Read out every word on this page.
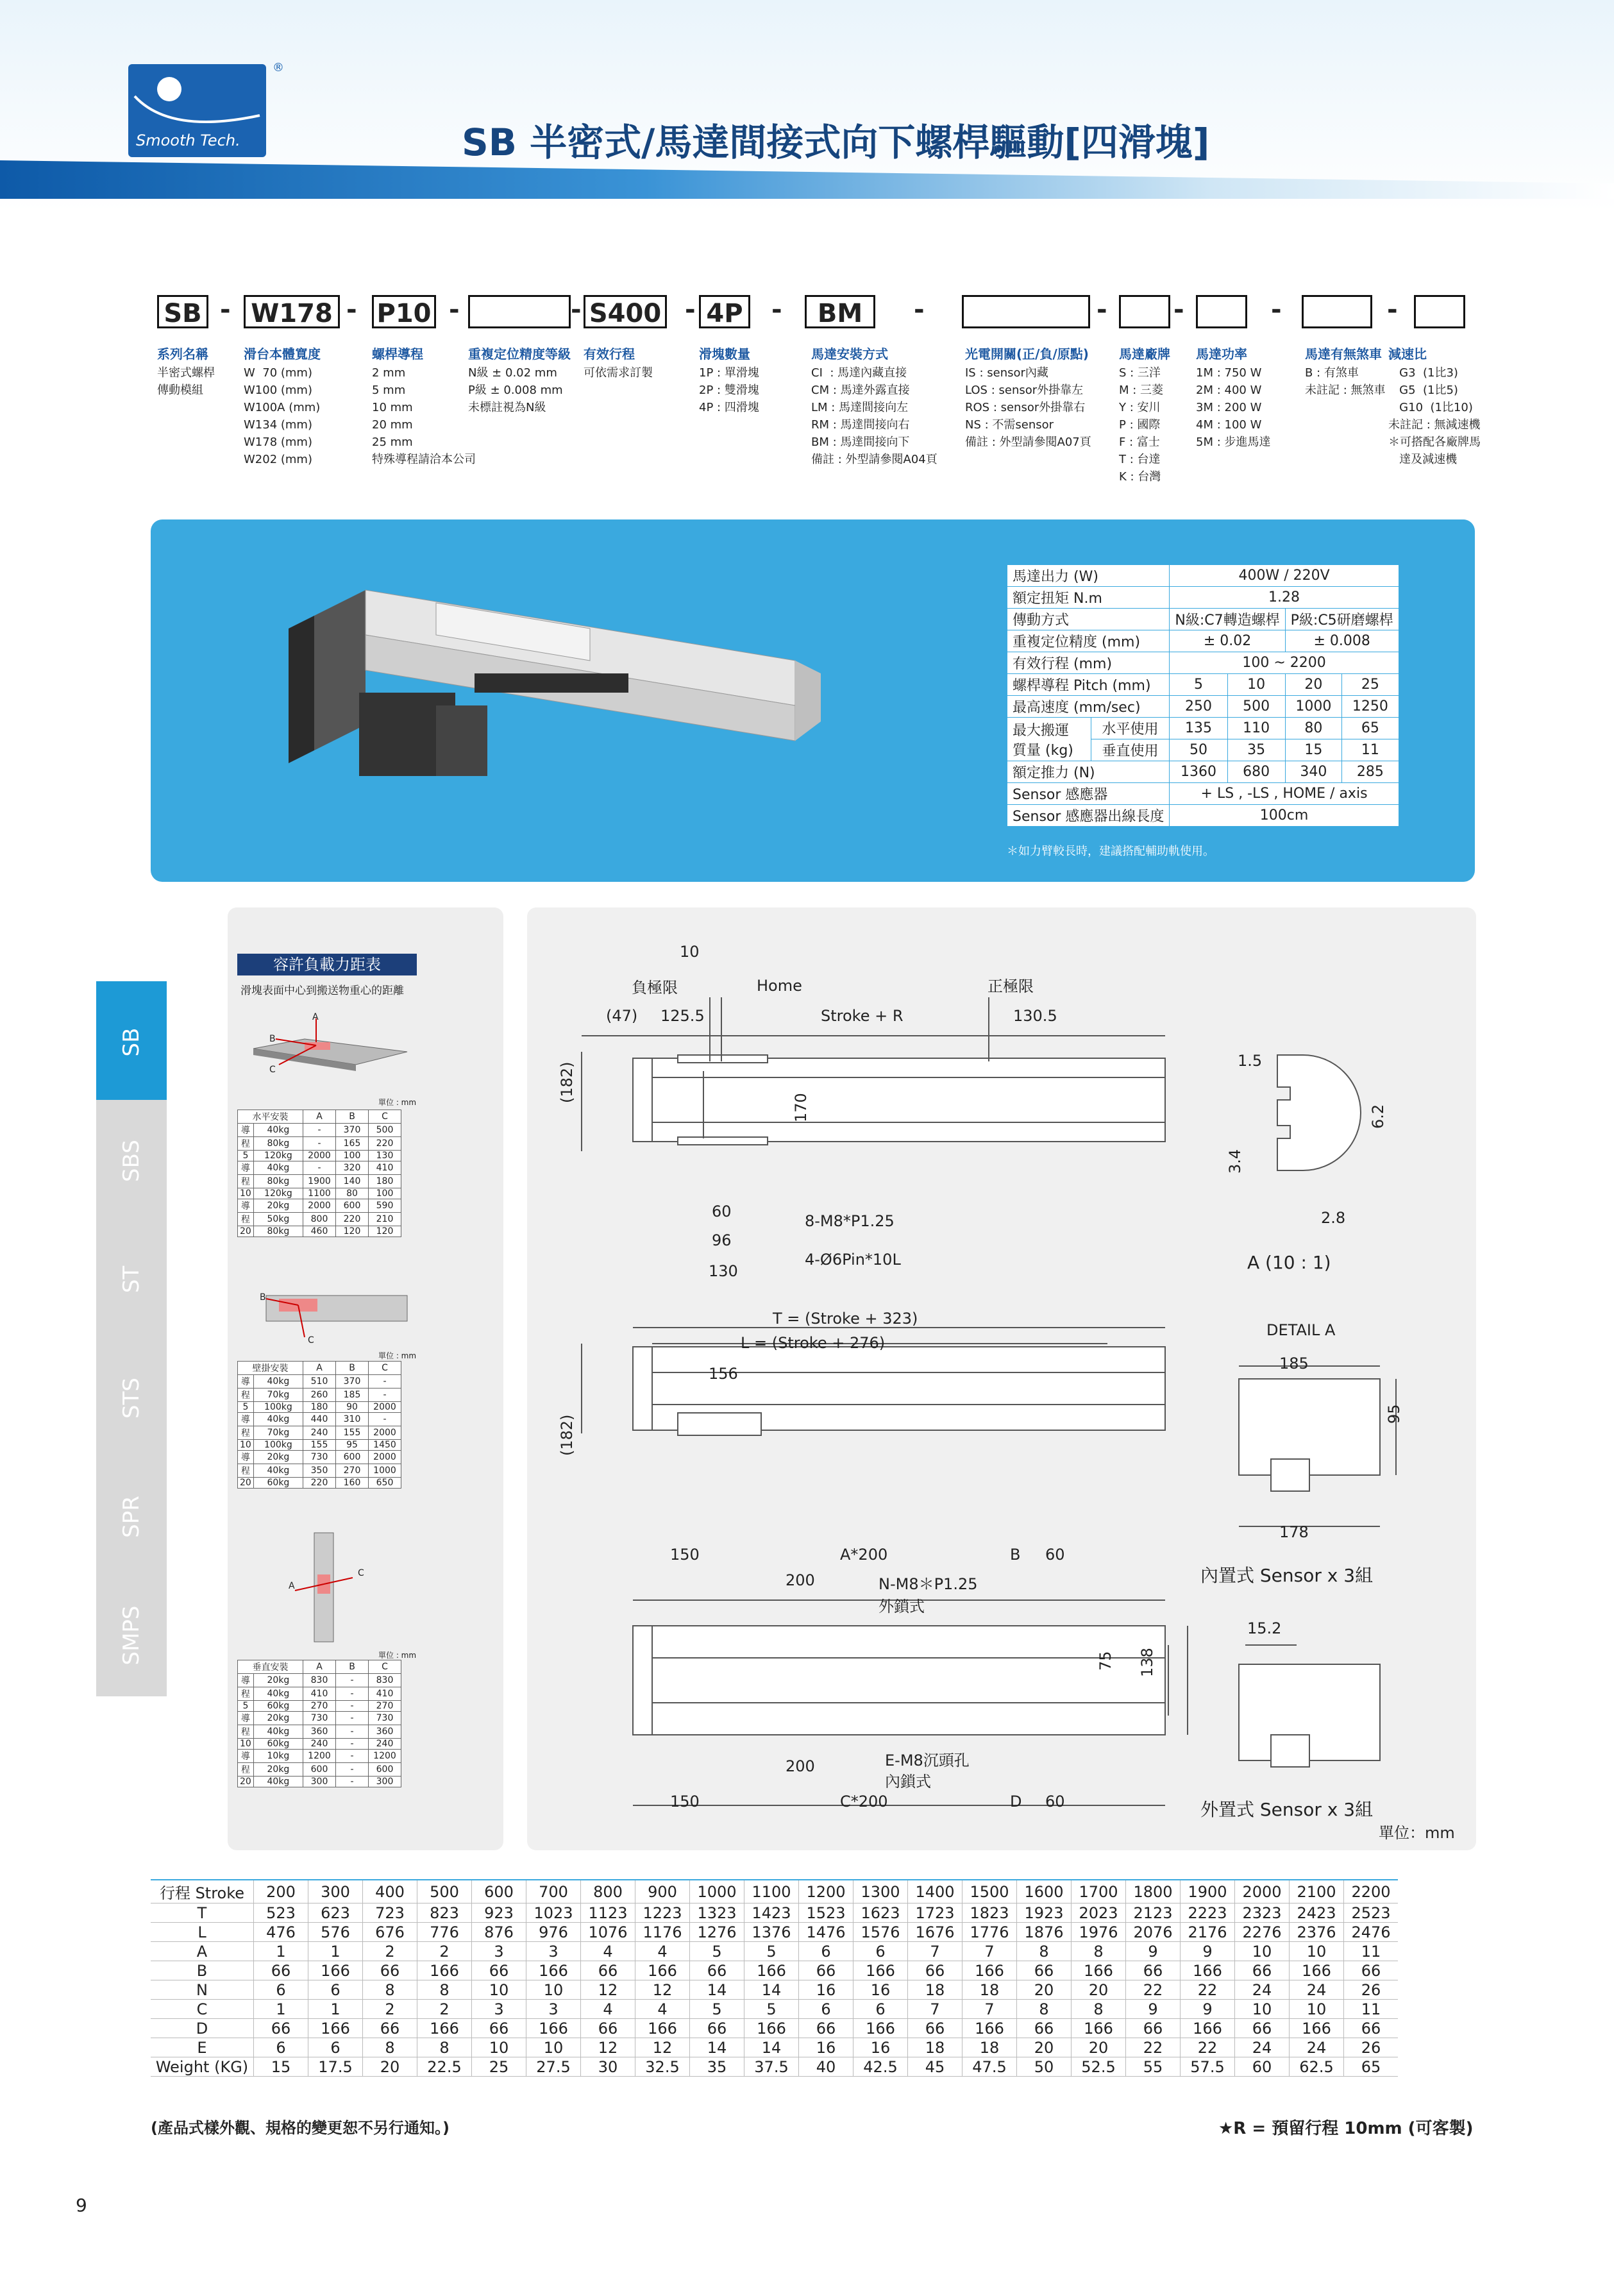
Smooth Tech.
®
SB 半密式/馬達間接式向下螺桿驅動[四滑塊]
SB W178 P10	S400 4P	BM
-	-	-	-	-	-	-	-	-	-	-
系列名稱
半密式螺桿
傳動模組
滑台本體寬度
W  70 (mm)
W100 (mm)
W100A (mm)
W134 (mm)
W178 (mm)
W202 (mm)
螺桿導程
2 mm
5 mm
10 mm
20 mm
25 mm
特殊導程請洽本公司
重複定位精度等級
N級 ± 0.02 mm
P級 ± 0.008 mm
未標註視為N級
有效行程
可依需求訂製
滑塊數量
1P : 單滑塊
2P : 雙滑塊
4P : 四滑塊
馬達安裝方式
CI  : 馬達內藏直接
CM : 馬達外露直接
LM : 馬達間接向左
RM : 馬達間接向右
BM : 馬達間接向下
備註 : 外型請參閱A04頁
光電開關(正/負/原點)
IS : sensor內藏
LOS : sensor外掛靠左
ROS : sensor外掛靠右
NS : 不需sensor
備註 : 外型請參閱A07頁
馬達廠牌
S : 三洋
M : 三菱
Y : 安川
P : 國際
F : 富士
T : 台達
K : 台灣
馬達功率
1M : 750 W
2M : 400 W
3M : 200 W
4M : 100 W
5M : 步進馬達
馬達有無煞車
B : 有煞車
未註記 : 無煞車
減速比
G3  (1比3)
G5  (1比5)
G10  (1比10)
未註記 : 無減速機
＊可搭配各廠牌馬
達及減速機
馬達出力 (W)		400W / 220V			
額定扭矩 N.m		1.28			
傳動方式		N級:C7轉造螺桿		P級:C5研磨螺桿	
重複定位精度 (mm)		± 0.02		± 0.008	
有效行程 (mm)		100 ~ 2200			
螺桿導程 Pitch (mm)		5	10	20	25
最高速度 (mm/sec)		250	500	1000	1250
最大搬運
質量 (kg)	水平使用	135	110	80	65
	垂直使用	50	35	15	11
額定推力 (N)		1360	680	340	285
Sensor 感應器		+ LS , -LS , HOME / axis			
Sensor 感應器出線長度		100cm			
＊如力臂較長時，建議搭配輔助軌使用。
容許負載力距表
滑塊表面中心到搬送物重心的距離
A
B
C
單位 : mm
水平安裝		A	B	C
導	40kg	-	370	500
程	80kg	-	165	220
5	120kg	2000	100	130
導	40kg	-	320	410
程	80kg	1900	140	180
10	120kg	1100	80	100
導	20kg	2000	600	590
程	50kg	800	220	210
20	80kg	460	120	120
B
C
單位 : mm
壁掛安裝		A	B	C
導	40kg	510	370	-
程	70kg	260	185	-
5	100kg	180	90	2000
導	40kg	440	310	-
程	70kg	240	155	2000
10	100kg	155	95	1450
導	20kg	730	600	2000
程	40kg	350	270	1000
20	60kg	220	160	650
A
C
單位 : mm
垂直安裝		A	B	C
導	20kg	830	-	830
程	40kg	410	-	410
5	60kg	270	-	270
導	20kg	730	-	730
程	40kg	360	-	360
10	60kg	240	-	240
導	10kg	1200	-	1200
程	20kg	600	-	600
20	40kg	300	-	300
SB
SBS
ST
STS
SPR
SMPS
10
負極限	Home	正極限
(47) 125.5	Stroke + R	130.5
(182)
170
60
96
130
8-M8*P1.25
4-Ø6Pin*10L
T = (Stroke + 323)
L = (Stroke + 276)
156
(182)
150	A*200	B 60
200	N-M8＊P1.25
外鎖式
75 138
200	E-M8沉頭孔
內鎖式
150	C*200	D 60
1.5
6.2
3.4
2.8
A (10 : 1)
DETAIL A
185
95
178
內置式 Sensor x 3組
15.2
外置式 Sensor x 3組
單位：mm
行程 Stroke	200	300	400	500	600	700	800	900	1000	1100	1200	1300	1400	1500	1600	1700	1800	1900	2000	2100	2200
T	523	623	723	823	923	1023	1123	1223	1323	1423	1523	1623	1723	1823	1923	2023	2123	2223	2323	2423	2523
L	476	576	676	776	876	976	1076	1176	1276	1376	1476	1576	1676	1776	1876	1976	2076	2176	2276	2376	2476
A	1	1	2	2	3	3	4	4	5	5	6	6	7	7	8	8	9	9	10	10	11
B	66	166	66	166	66	166	66	166	66	166	66	166	66	166	66	166	66	166	66	166	66
N	6	6	8	8	10	10	12	12	14	14	16	16	18	18	20	20	22	22	24	24	26
C	1	1	2	2	3	3	4	4	5	5	6	6	7	7	8	8	9	9	10	10	11
D	66	166	66	166	66	166	66	166	66	166	66	166	66	166	66	166	66	166	66	166	66
E	6	6	8	8	10	10	12	12	14	14	16	16	18	18	20	20	22	22	24	24	26
Weight (KG)	15	17.5	20	22.5	25	27.5	30	32.5	35	37.5	40	42.5	45	47.5	50	52.5	55	57.5	60	62.5	65
(產品式樣外觀、規格的變更恕不另行通知。)	★R = 預留行程 10mm (可客製)
9
